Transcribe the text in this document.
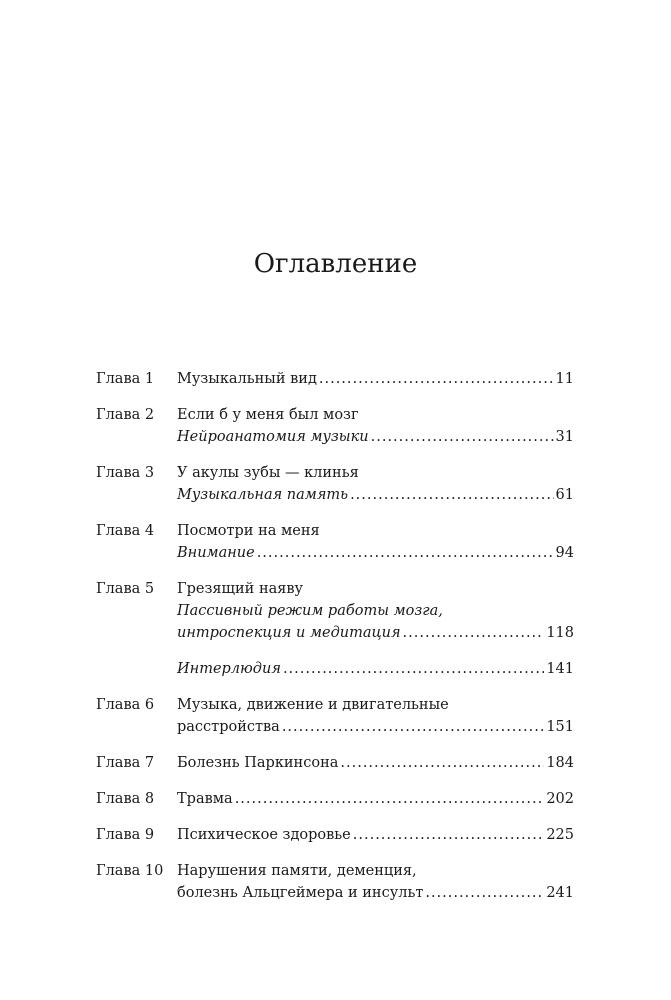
Оглавление
Глава 1	Музыкальный вид .....	11
Глава 2	Если б у меня был мозг
Нейроанатомия музыки .....	31
Глава 3	У акулы зубы — клинья
Музыкальная память .....	61
Глава 4	Посмотри на меня
Внимание .....	94
Глава 5	Грезящий наяву
Пассивный режим работы мозга,
интроспекция и медитация .....	118
Интерлюдия .....	141
Глава 6	Музыка, движение и двигательные
расстройства .....	151
Глава 7	Болезнь Паркинсона .....	184
Глава 8	Травма .....	202
Глава 9	Психическое здоровье .....	225
Глава 10 Нарушения памяти, деменция,
болезнь Альцгеймера и инсульт .....	241
